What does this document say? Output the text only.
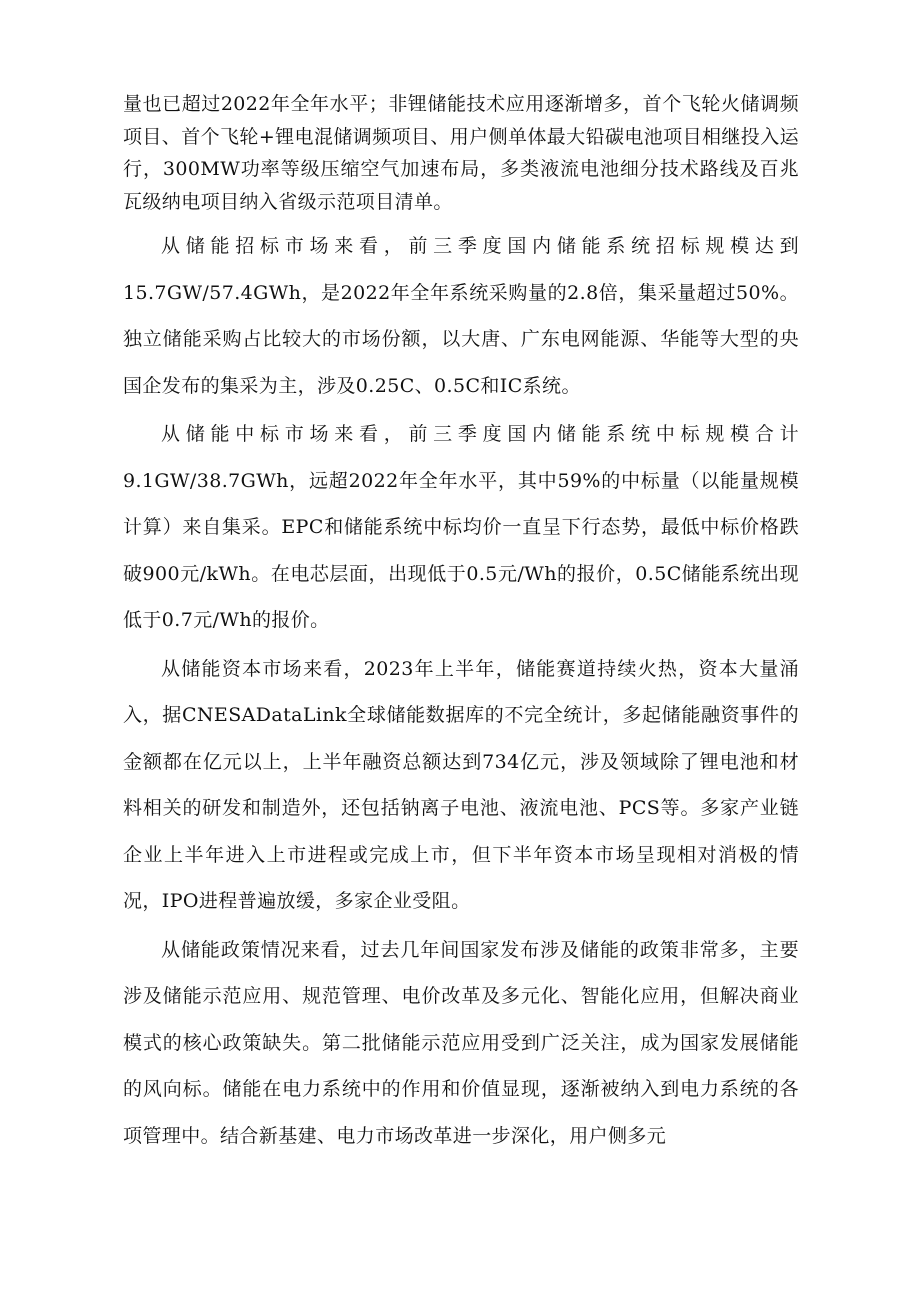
量也已超过2022年全年水平；非锂储能技术应用逐渐增多，首个飞轮火储调频项目、首个飞轮+锂电混储调频项目、用户侧单体最大铅碳电池项目相继投入运行，300MW功率等级压缩空气加速布局，多类液流电池细分技术路线及百兆瓦级纳电项目纳入省级示范项目清单。

从储能招标市场来看，前三季度国内储能系统招标规模达到15.7GW/57.4GWh，是2022年全年系统采购量的2.8倍，集采量超过50%。独立储能采购占比较大的市场份额，以大唐、广东电网能源、华能等大型的央国企发布的集采为主，涉及0.25C、0.5C和IC系统。

从储能中标市场来看，前三季度国内储能系统中标规模合计9.1GW/38.7GWh，远超2022年全年水平，其中59%的中标量（以能量规模计算）来自集采。EPC和储能系统中标均价一直呈下行态势，最低中标价格跌破900元/kWh。在电芯层面，出现低于0.5元/Wh的报价，0.5C储能系统出现低于0.7元/Wh的报价。

从储能资本市场来看，2023年上半年，储能赛道持续火热，资本大量涌入，据CNESADataLink全球储能数据库的不完全统计，多起储能融资事件的金额都在亿元以上，上半年融资总额达到734亿元，涉及领域除了锂电池和材料相关的研发和制造外，还包括钠离子电池、液流电池、PCS等。多家产业链企业上半年进入上市进程或完成上市，但下半年资本市场呈现相对消极的情况，IPO进程普遍放缓，多家企业受阻。

从储能政策情况来看，过去几年间国家发布涉及储能的政策非常多，主要涉及储能示范应用、规范管理、电价改革及多元化、智能化应用，但解决商业模式的核心政策缺失。第二批储能示范应用受到广泛关注，成为国家发展储能的风向标。储能在电力系统中的作用和价值显现，逐渐被纳入到电力系统的各项管理中。结合新基建、电力市场改革进一步深化，用户侧多元
